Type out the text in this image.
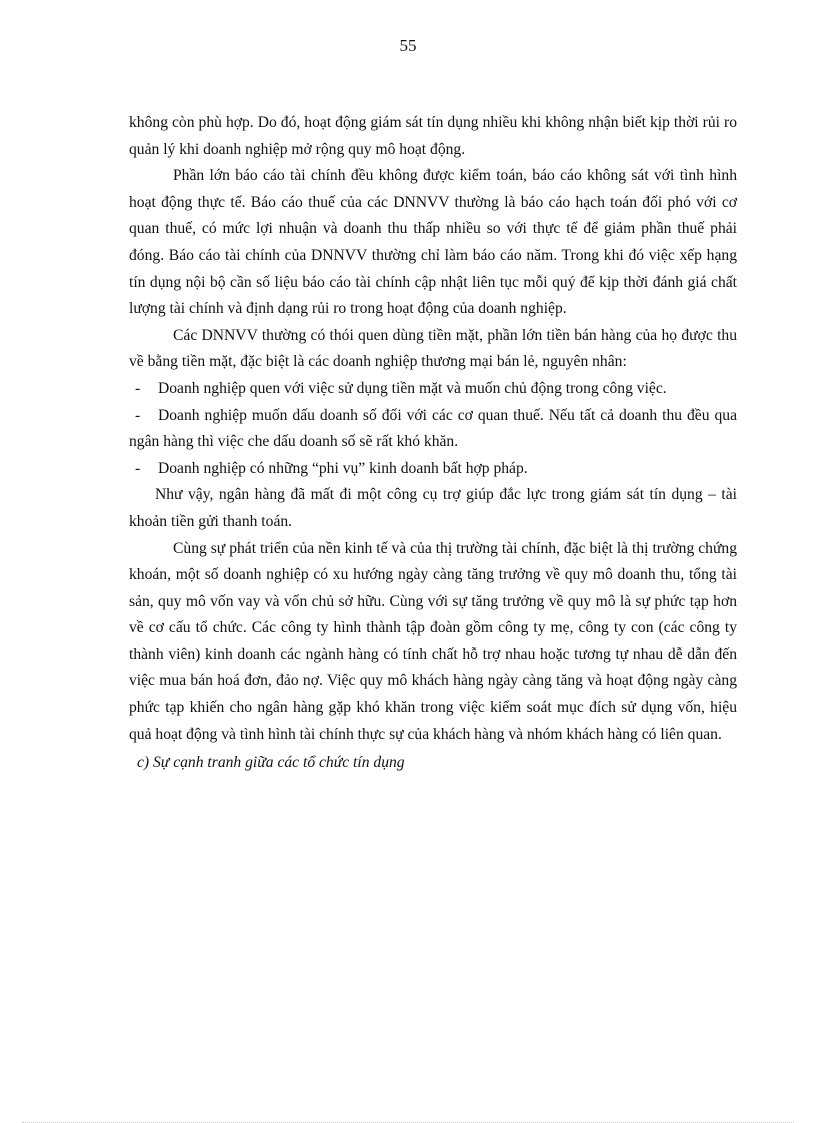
55

không còn phù hợp. Do đó, hoạt động giám sát tín dụng nhiều khi không nhận biết kịp thời rủi ro quản lý khi doanh nghiệp mở rộng quy mô hoạt động.

Phần lớn báo cáo tài chính đều không được kiểm toán, báo cáo không sát với tình hình hoạt động thực tế. Báo cáo thuế của các DNNVV thường là báo cáo hạch toán đối phó với cơ quan thuế, có mức lợi nhuận và doanh thu thấp nhiều so với thực tế để giảm phần thuế phải đóng. Báo cáo tài chính của DNNVV thường chỉ làm báo cáo năm. Trong khi đó việc xếp hạng tín dụng nội bộ cần số liệu báo cáo tài chính cập nhật liên tục mỗi quý để kịp thời đánh giá chất lượng tài chính và định dạng rủi ro trong hoạt động của doanh nghiệp.

Các DNNVV thường có thói quen dùng tiền mặt, phần lớn tiền bán hàng của họ được thu về bằng tiền mặt, đặc biệt là các doanh nghiệp thương mại bán lẻ, nguyên nhân:

- Doanh nghiệp quen với việc sử dụng tiền mặt và muốn chủ động trong công việc.

- Doanh nghiệp muốn dấu doanh số đối với các cơ quan thuế. Nếu tất cả doanh thu đều qua ngân hàng thì việc che dấu doanh số sẽ rất khó khăn.

- Doanh nghiệp có những “phi vụ” kinh doanh bất hợp pháp.

Như vậy, ngân hàng đã mất đi một công cụ trợ giúp đắc lực trong giám sát tín dụng – tài khoản tiền gửi thanh toán.

Cùng sự phát triển của nền kinh tế và của thị trường tài chính, đặc biệt là thị trường chứng khoán, một số doanh nghiệp có xu hướng ngày càng tăng trưởng về quy mô doanh thu, tổng tài sản, quy mô vốn vay và vốn chủ sở hữu. Cùng với sự tăng trưởng về quy mô là sự phức tạp hơn về cơ cấu tổ chức. Các công ty hình thành tập đoàn gồm công ty mẹ, công ty con (các công ty thành viên) kinh doanh các ngành hàng có tính chất hỗ trợ nhau hoặc tương tự nhau dễ dẫn đến việc mua bán hoá đơn, đảo nợ. Việc quy mô khách hàng ngày càng tăng và hoạt động ngày càng phức tạp khiến cho ngân hàng gặp khó khăn trong việc kiểm soát mục đích sử dụng vốn, hiệu quả hoạt động và tình hình tài chính thực sự của khách hàng và nhóm khách hàng có liên quan.

c) Sự cạnh tranh giữa các tổ chức tín dụng
